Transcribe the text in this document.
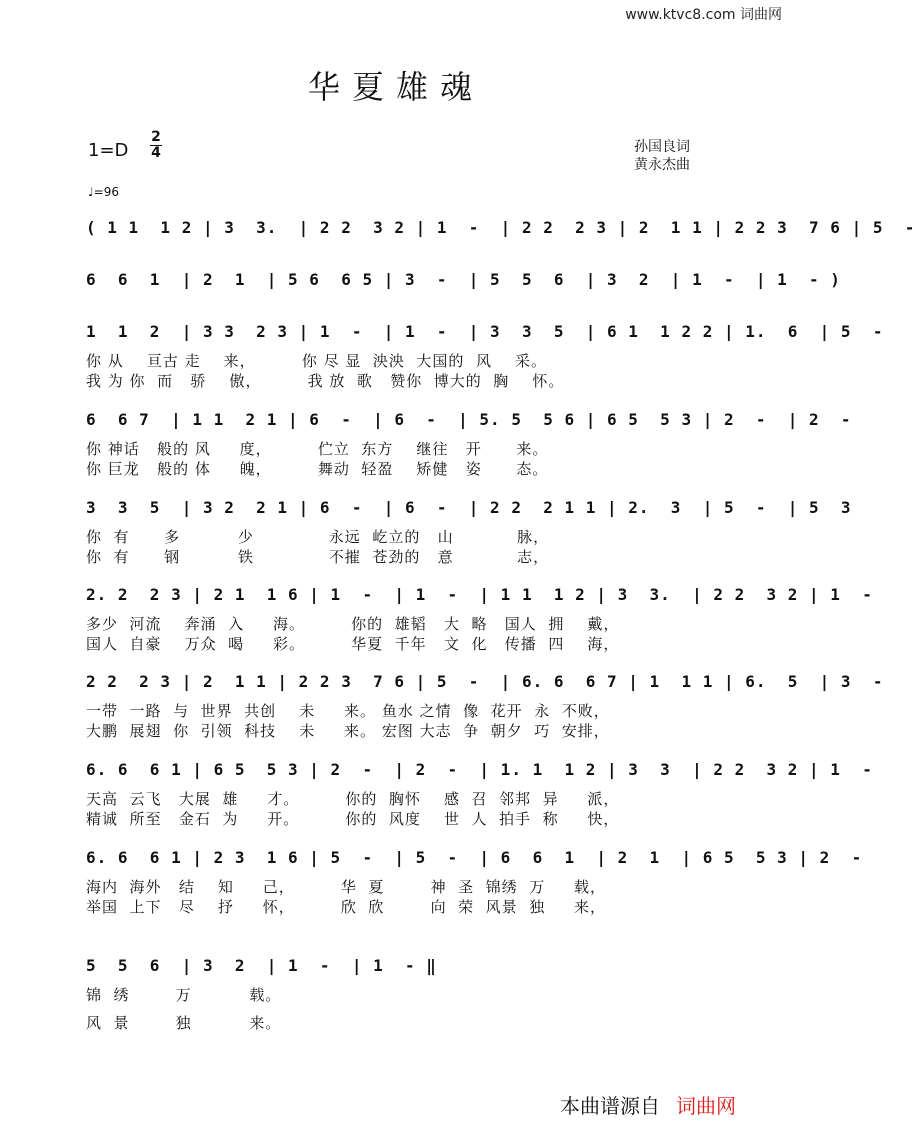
www.ktvc8.com 词曲网
华夏雄魂
1=D
2
4	孙国良词
黄永杰曲
♩=96
( 1 1  1 2 | 3  3.  | 2 2  3 2 | 1  -  | 2 2  2 3 | 2  1 1 | 2 2 3  7 6 | 5  -
6  6  1  | 2  1  | 5 6  6 5 | 3  -  | 5  5  6  | 3  2  | 1  -  | 1  - )
1  1  2  | 3 3  2 3 | 1  -  | 1  -  | 3  3  5  | 6 1  1 2 2 | 1.  6  | 5  -
你 从    亘古 走    来，        你 尽 显  泱泱  大国的  风    采。
我 为 你  而   骄    傲，        我 放  歌   赞你  博大的  胸    怀。
6  6 7  | 1 1  2 1 | 6  -  | 6  -  | 5. 5  5 6 | 6 5  5 3 | 2  -  | 2  -
你 神话   般的 风     度，        伫立  东方    继往   开      来。
你 巨龙   般的 体     魄，        舞动  轻盈    矫健   姿      态。
3  3  5  | 3 2  2 1 | 6  -  | 6  -  | 2 2  2 1 1 | 2.  3  | 5  -  | 5  3
你  有      多          少             永远  屹立的   山           脉，
你  有      钢          铁             不摧  苍劲的   意           志，
2. 2  2 3 | 2 1  1 6 | 1  -  | 1  -  | 1 1  1 2 | 3  3.  | 2 2  3 2 | 1  -
多少  河流    奔涌  入     海。        你的  雄韬   大  略   国人  拥    戴，
国人  自豪    万众  喝     彩。        华夏  千年   文  化   传播  四    海，
2 2  2 3 | 2  1 1 | 2 2 3  7 6 | 5  -  | 6. 6  6 7 | 1  1 1 | 6.  5  | 3  -
一带  一路  与  世界  共创    未     来。 鱼水 之情  像  花开  永  不败，
大鹏  展翅  你  引领  科技    未     来。 宏图 大志  争  朝夕  巧  安排，
6. 6  6 1 | 6 5  5 3 | 2  -  | 2  -  | 1. 1  1 2 | 3  3  | 2 2  3 2 | 1  -
天高  云飞   大展  雄     才。        你的  胸怀    感  召  邻邦  异     派，
精诚  所至   金石  为     开。        你的  风度    世  人  拍手  称     快，
6. 6  6 1 | 2 3  1 6 | 5  -  | 5  -  | 6  6  1  | 2  1  | 6 5  5 3 | 2  -
海内  海外   结    知     己，        华  夏        神  圣  锦绣  万     载，
举国  上下   尽    抒     怀，        欣  欣        向  荣  风景  独     来，
5  5  6  | 3  2  | 1  -  | 1  - ‖
锦  绣        万          载。
风  景        独          来。
本曲谱源自 词曲网
